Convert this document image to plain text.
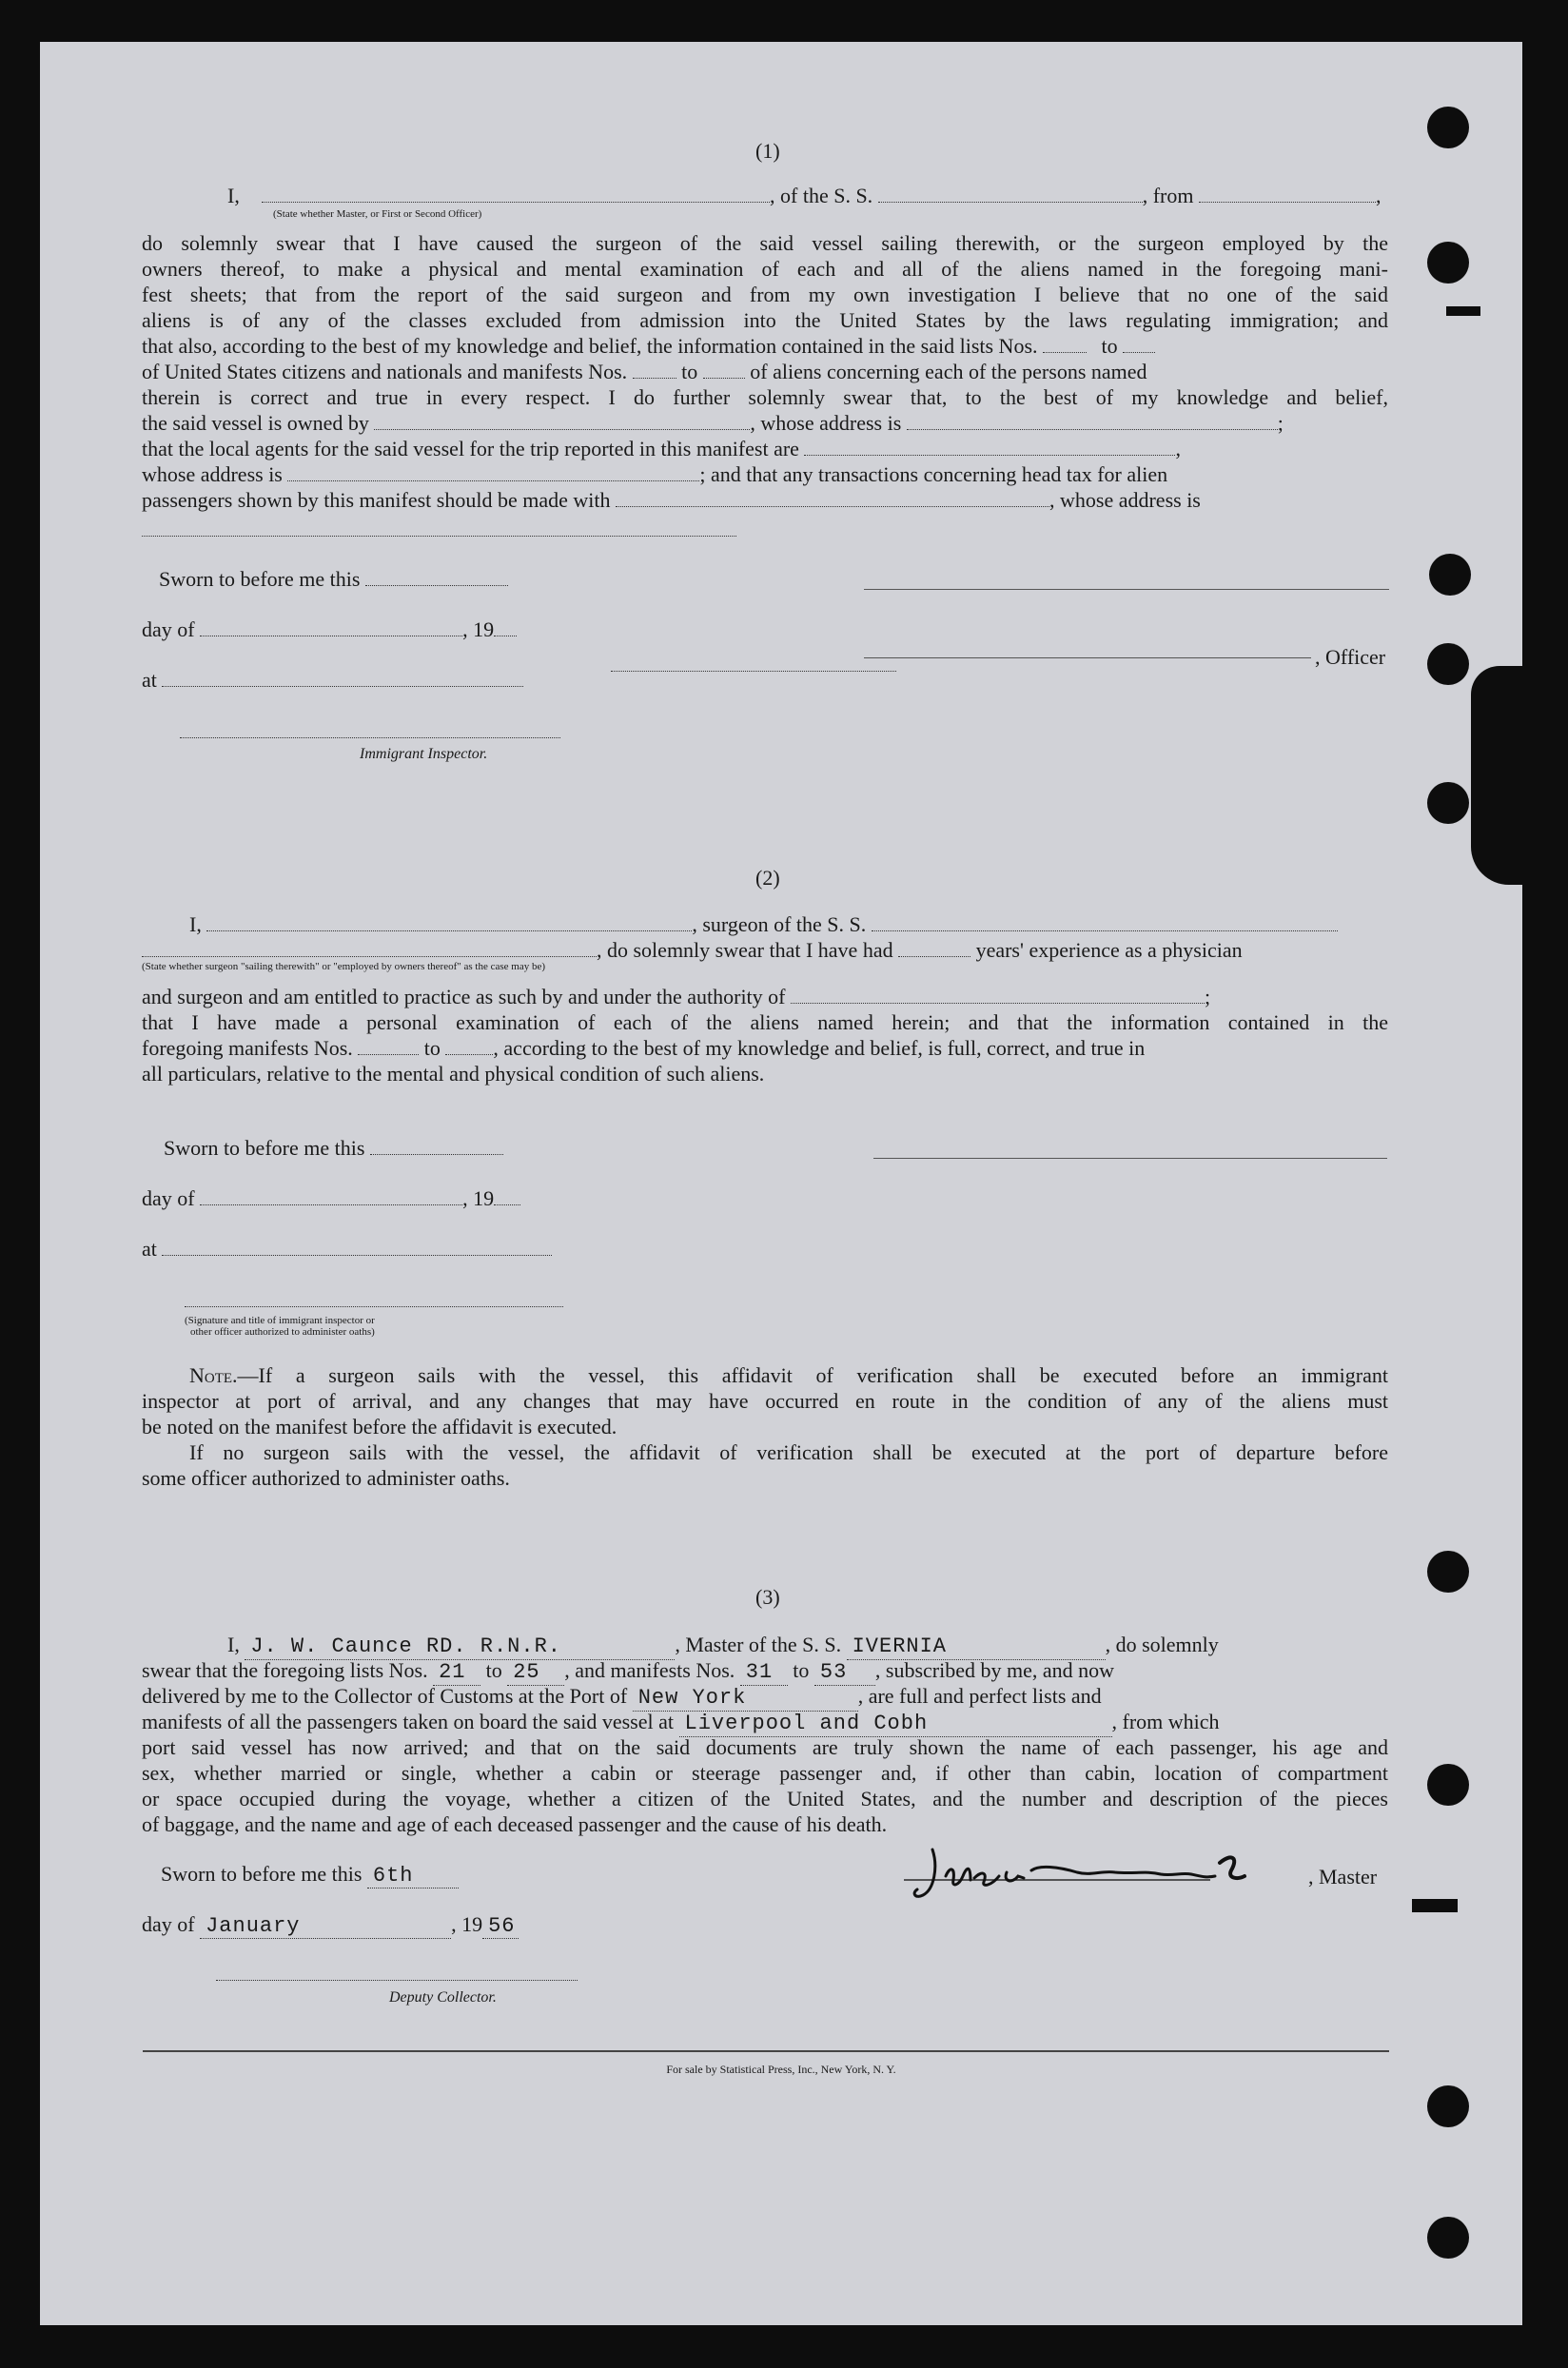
(1)
I,	, of the S. S.	, from	,
(State whether Master, or First or Second Officer)
do solemnly swear that I have caused the surgeon of the said vessel sailing therewith, or the surgeon employed by the
owners thereof, to make a physical and mental examination of each and all of the aliens named in the foregoing mani-
fest sheets; that from the report of the said surgeon and from my own investigation I believe that no one of the said
aliens is of any of the classes excluded from admission into the United States by the laws regulating immigration; and
that also, according to the best of my knowledge and belief, the information contained in the said lists Nos.	to
of United States citizens and nationals and manifests Nos.	to	of aliens concerning each of the persons named
therein is correct and true in every respect. I do further solemnly swear that, to the best of my knowledge and belief,
the said vessel is owned by	, whose address is	;
that the local agents for the said vessel for the trip reported in this manifest are	,
whose address is	; and that any transactions concerning head tax for alien
passengers shown by this manifest should be made with	, whose address is
Sworn to before me this
day of	, 19
, Officer
at
Immigrant Inspector.
(2)
I,	, surgeon of the S. S.
, do solemnly swear that I have had	years' experience as a physician
(State whether surgeon "sailing therewith" or "employed by owners thereof" as the case may be)
and surgeon and am entitled to practice as such by and under the authority of	;
that I have made a personal examination of each of the aliens named herein; and that the information contained in the
foregoing manifests Nos.	to	, according to the best of my knowledge and belief, is full, correct, and true in
all particulars, relative to the mental and physical condition of such aliens.
Sworn to before me this
day of	, 19
at
(Signature and title of immigrant inspector or
other officer authorized to administer oaths)
Note.—If a surgeon sails with the vessel, this affidavit of verification shall be executed before an immigrant
inspector at port of arrival, and any changes that may have occurred en route in the condition of any of the aliens must
be noted on the manifest before the affidavit is executed.
If no surgeon sails with the vessel, the affidavit of verification shall be executed at the port of departure before
some officer authorized to administer oaths.
(3)
I, J. W. Caunce RD. R.N.R.	, Master of the S. S. IVERNIA	, do solemnly
swear that the foregoing lists Nos. 21 to 25 , and manifests Nos. 31 to 53 , subscribed by me, and now
delivered by me to the Collector of Customs at the Port of New York	, are full and perfect lists and
manifests of all the passengers taken on board the said vessel at Liverpool and Cobh	, from which
port said vessel has now arrived; and that on the said documents are truly shown the name of each passenger, his age and
sex, whether married or single, whether a cabin or steerage passenger and, if other than cabin, location of compartment
or space occupied during the voyage, whether a citizen of the United States, and the number and description of the pieces
of baggage, and the name and age of each deceased passenger and the cause of his death.
Sworn to before me this 6th	, Master
day of January	, 19 56
Deputy Collector.
For sale by Statistical Press, Inc., New York, N. Y.
